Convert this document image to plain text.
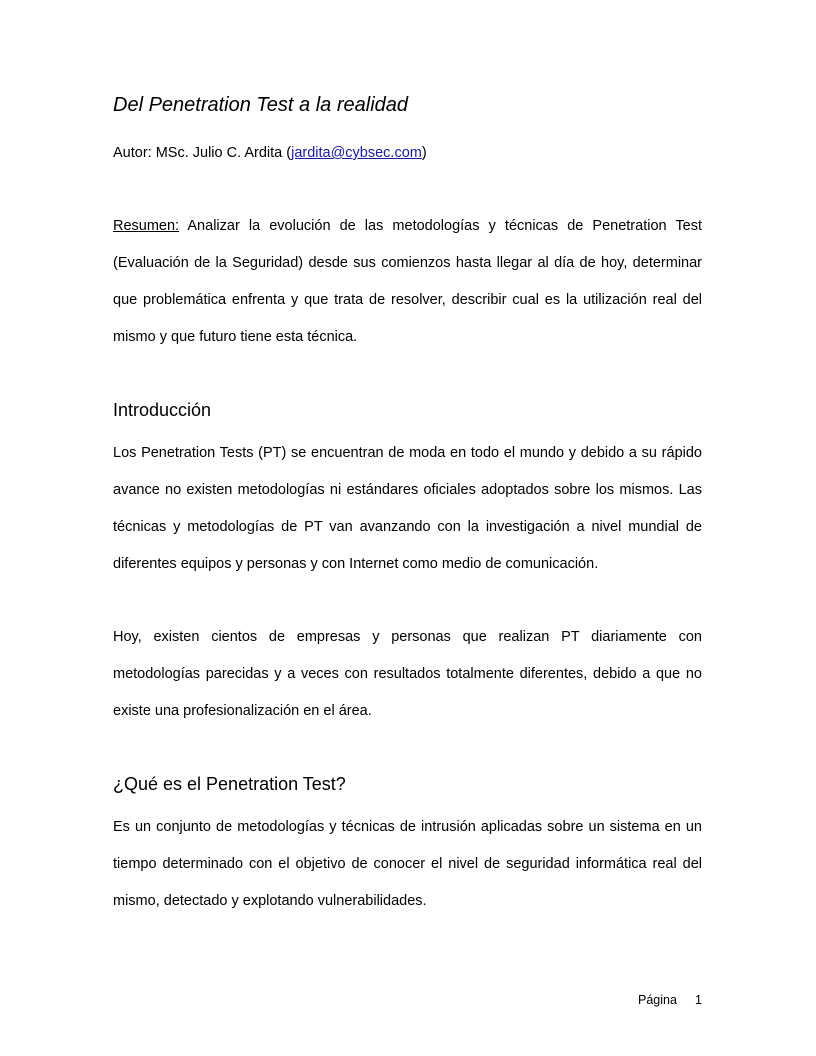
Del Penetration Test a la realidad
Autor: MSc. Julio C. Ardita (jardita@cybsec.com)

Resumen: Analizar la evolución de las metodologías y técnicas de Penetration Test (Evaluación de la Seguridad) desde sus comienzos hasta llegar al día de hoy, determinar que problemática enfrenta y que trata de resolver, describir cual es la utilización real del mismo y que futuro tiene esta técnica.

Introducción

Los Penetration Tests (PT) se encuentran de moda en todo el mundo y debido a su rápido avance no existen metodologías ni estándares oficiales adoptados sobre los mismos. Las técnicas y metodologías de PT van avanzando con la investigación a nivel mundial de diferentes equipos y personas y con Internet como medio de comunicación.

Hoy, existen cientos de empresas y personas que realizan PT diariamente con metodologías parecidas y a veces con resultados totalmente diferentes, debido a que no existe una profesionalización en el área.

¿Qué es el Penetration Test?

Es un conjunto de metodologías y técnicas de intrusión aplicadas sobre un sistema en un tiempo determinado con el objetivo de conocer el nivel de seguridad informática real del mismo, detectado y explotando vulnerabilidades.

Página 1
